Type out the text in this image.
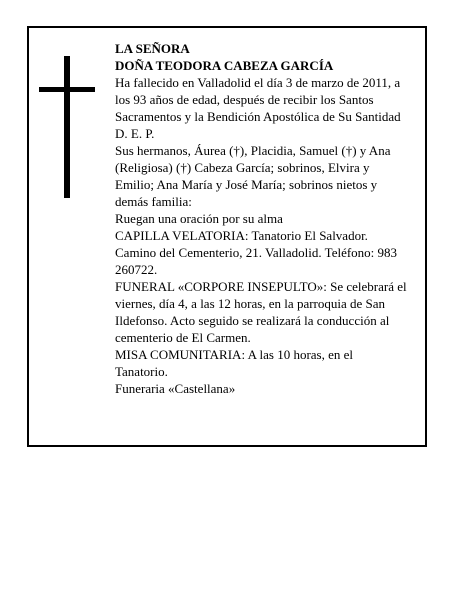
LA SEÑORA
DOÑA TEODORA CABEZA GARCÍA
Ha fallecido en Valladolid el día 3 de marzo de 2011, a
los 93 años de edad, después de recibir los Santos
Sacramentos y la Bendición Apostólica de Su Santidad
D. E. P.
Sus hermanos, Áurea (†), Placidia, Samuel (†) y Ana
(Religiosa) (†) Cabeza García; sobrinos, Elvira y
Emilio; Ana María y José María; sobrinos nietos y
demás familia:
Ruegan una oración por su alma
CAPILLA VELATORIA: Tanatorio El Salvador.
Camino del Cementerio, 21. Valladolid. Teléfono: 983
260722.
FUNERAL «CORPORE INSEPULTO»: Se celebrará el
viernes, día 4, a las 12 horas, en la parroquia de San
Ildefonso. Acto seguido se realizará la conducción al
cementerio de El Carmen.
MISA COMUNITARIA: A las 10 horas, en el
Tanatorio.
Funeraria «Castellana»
